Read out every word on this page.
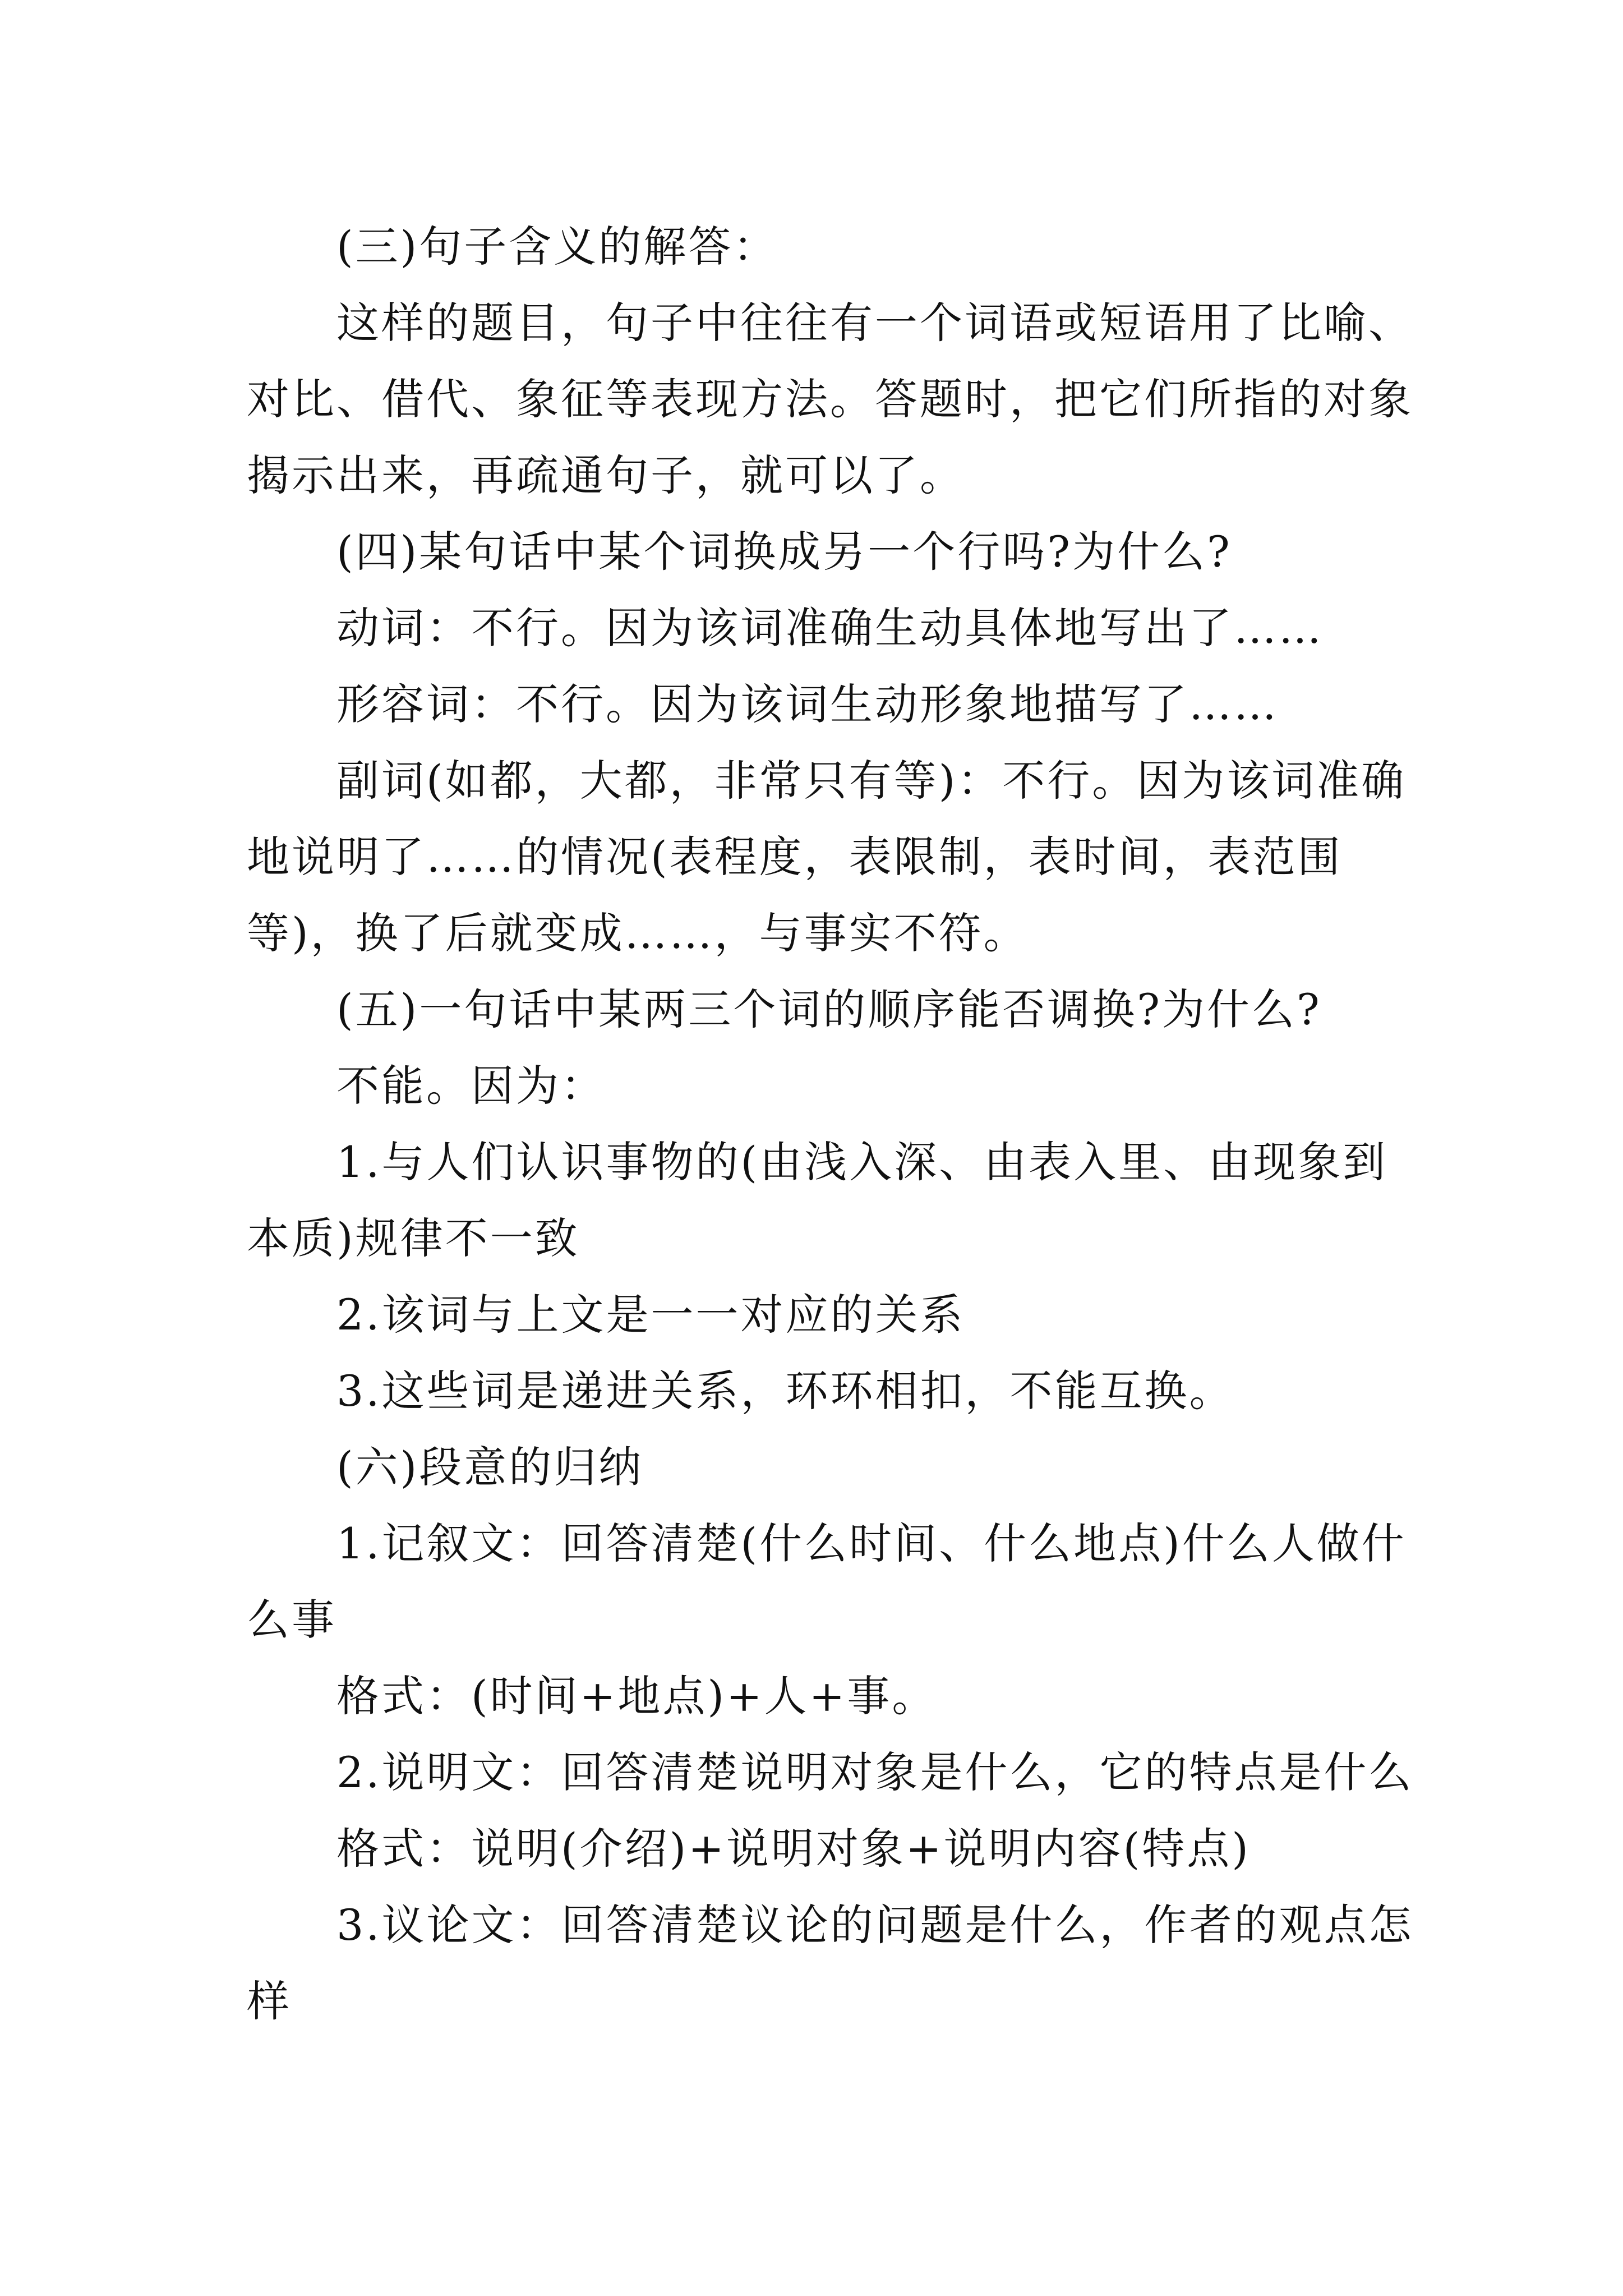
(三)句子含义的解答：

这样的题目，句子中往往有一个词语或短语用了比喻、对比、借代、象征等表现方法。答题时，把它们所指的对象揭示出来，再疏通句子，就可以了。

(四)某句话中某个词换成另一个行吗?为什么?

动词：不行。因为该词准确生动具体地写出了……

形容词：不行。因为该词生动形象地描写了……

副词(如都，大都，非常只有等)：不行。因为该词准确地说明了……的情况(表程度，表限制，表时间，表范围等)，换了后就变成……，与事实不符。

(五)一句话中某两三个词的顺序能否调换?为什么?

不能。因为：

1.与人们认识事物的(由浅入深、由表入里、由现象到本质)规律不一致

2.该词与上文是一一对应的关系

3.这些词是递进关系，环环相扣，不能互换。

(六)段意的归纳

1.记叙文：回答清楚(什么时间、什么地点)什么人做什么事

格式：(时间+地点)+人+事。

2.说明文：回答清楚说明对象是什么，它的特点是什么

格式：说明(介绍)+说明对象+说明内容(特点)

3.议论文：回答清楚议论的问题是什么，作者的观点怎样
